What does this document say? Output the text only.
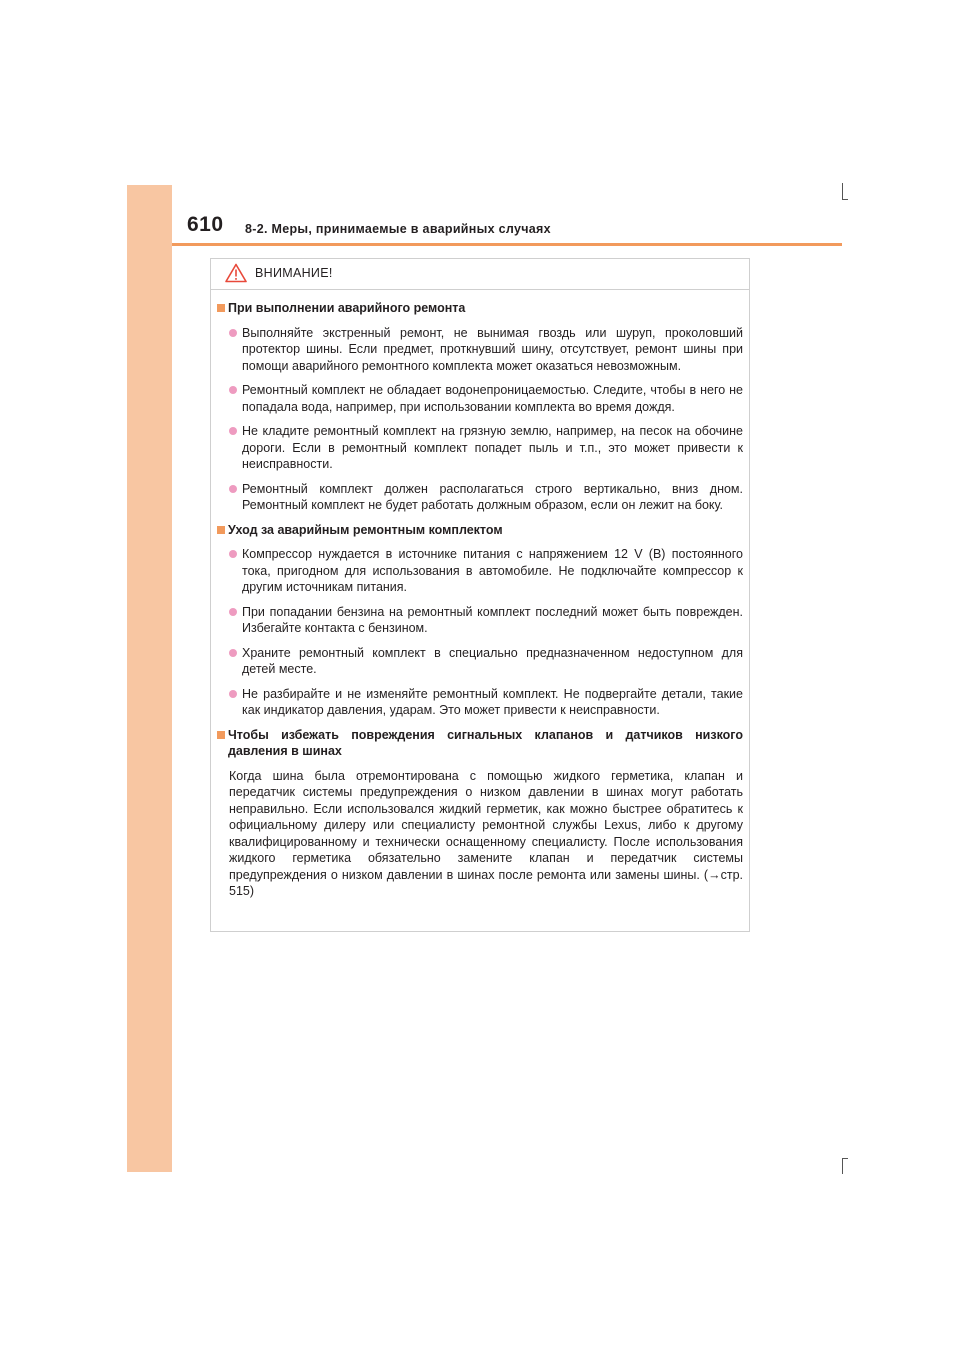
610 8-2. Меры, принимаемые в аварийных случаях
ВНИМАНИЕ!
При выполнении аварийного ремонта
Выполняйте экстренный ремонт, не вынимая гвоздь или шуруп, проколовший протектор шины. Если предмет, проткнувший шину, отсутствует, ремонт шины при помощи аварийного ремонтного комплекта может оказаться невозможным.
Ремонтный комплект не обладает водонепроницаемостью. Следите, чтобы в него не попадала вода, например, при использовании комплекта во время дождя.
Не кладите ремонтный комплект на грязную землю, например, на песок на обочине дороги. Если в ремонтный комплект попадет пыль и т.п., это может привести к неисправности.
Ремонтный комплект должен располагаться строго вертикально, вниз дном. Ремонтный комплект не будет работать должным образом, если он лежит на боку.
Уход за аварийным ремонтным комплектом
Компрессор нуждается в источнике питания с напряжением 12 V (В) постоянного тока, пригодном для использования в автомобиле. Не подключайте компрессор к другим источникам питания.
При попадании бензина на ремонтный комплект последний может быть поврежден. Избегайте контакта с бензином.
Храните ремонтный комплект в специально предназначенном недоступном для детей месте.
Не разбирайте и не изменяйте ремонтный комплект. Не подвергайте детали, такие как индикатор давления, ударам. Это может привести к неисправности.
Чтобы избежать повреждения сигнальных клапанов и датчиков низкого давления в шинах
Когда шина была отремонтирована с помощью жидкого герметика, клапан и передатчик системы предупреждения о низком давлении в шинах могут работать неправильно. Если использовался жидкий герметик, как можно быстрее обратитесь к официальному дилеру или специалисту ремонтной службы Lexus, либо к другому квалифицированному и технически оснащенному специалисту. После использования жидкого герметика обязательно замените клапан и передатчик системы предупреждения о низком давлении в шинах после ремонта или замены шины. (→стр. 515)
